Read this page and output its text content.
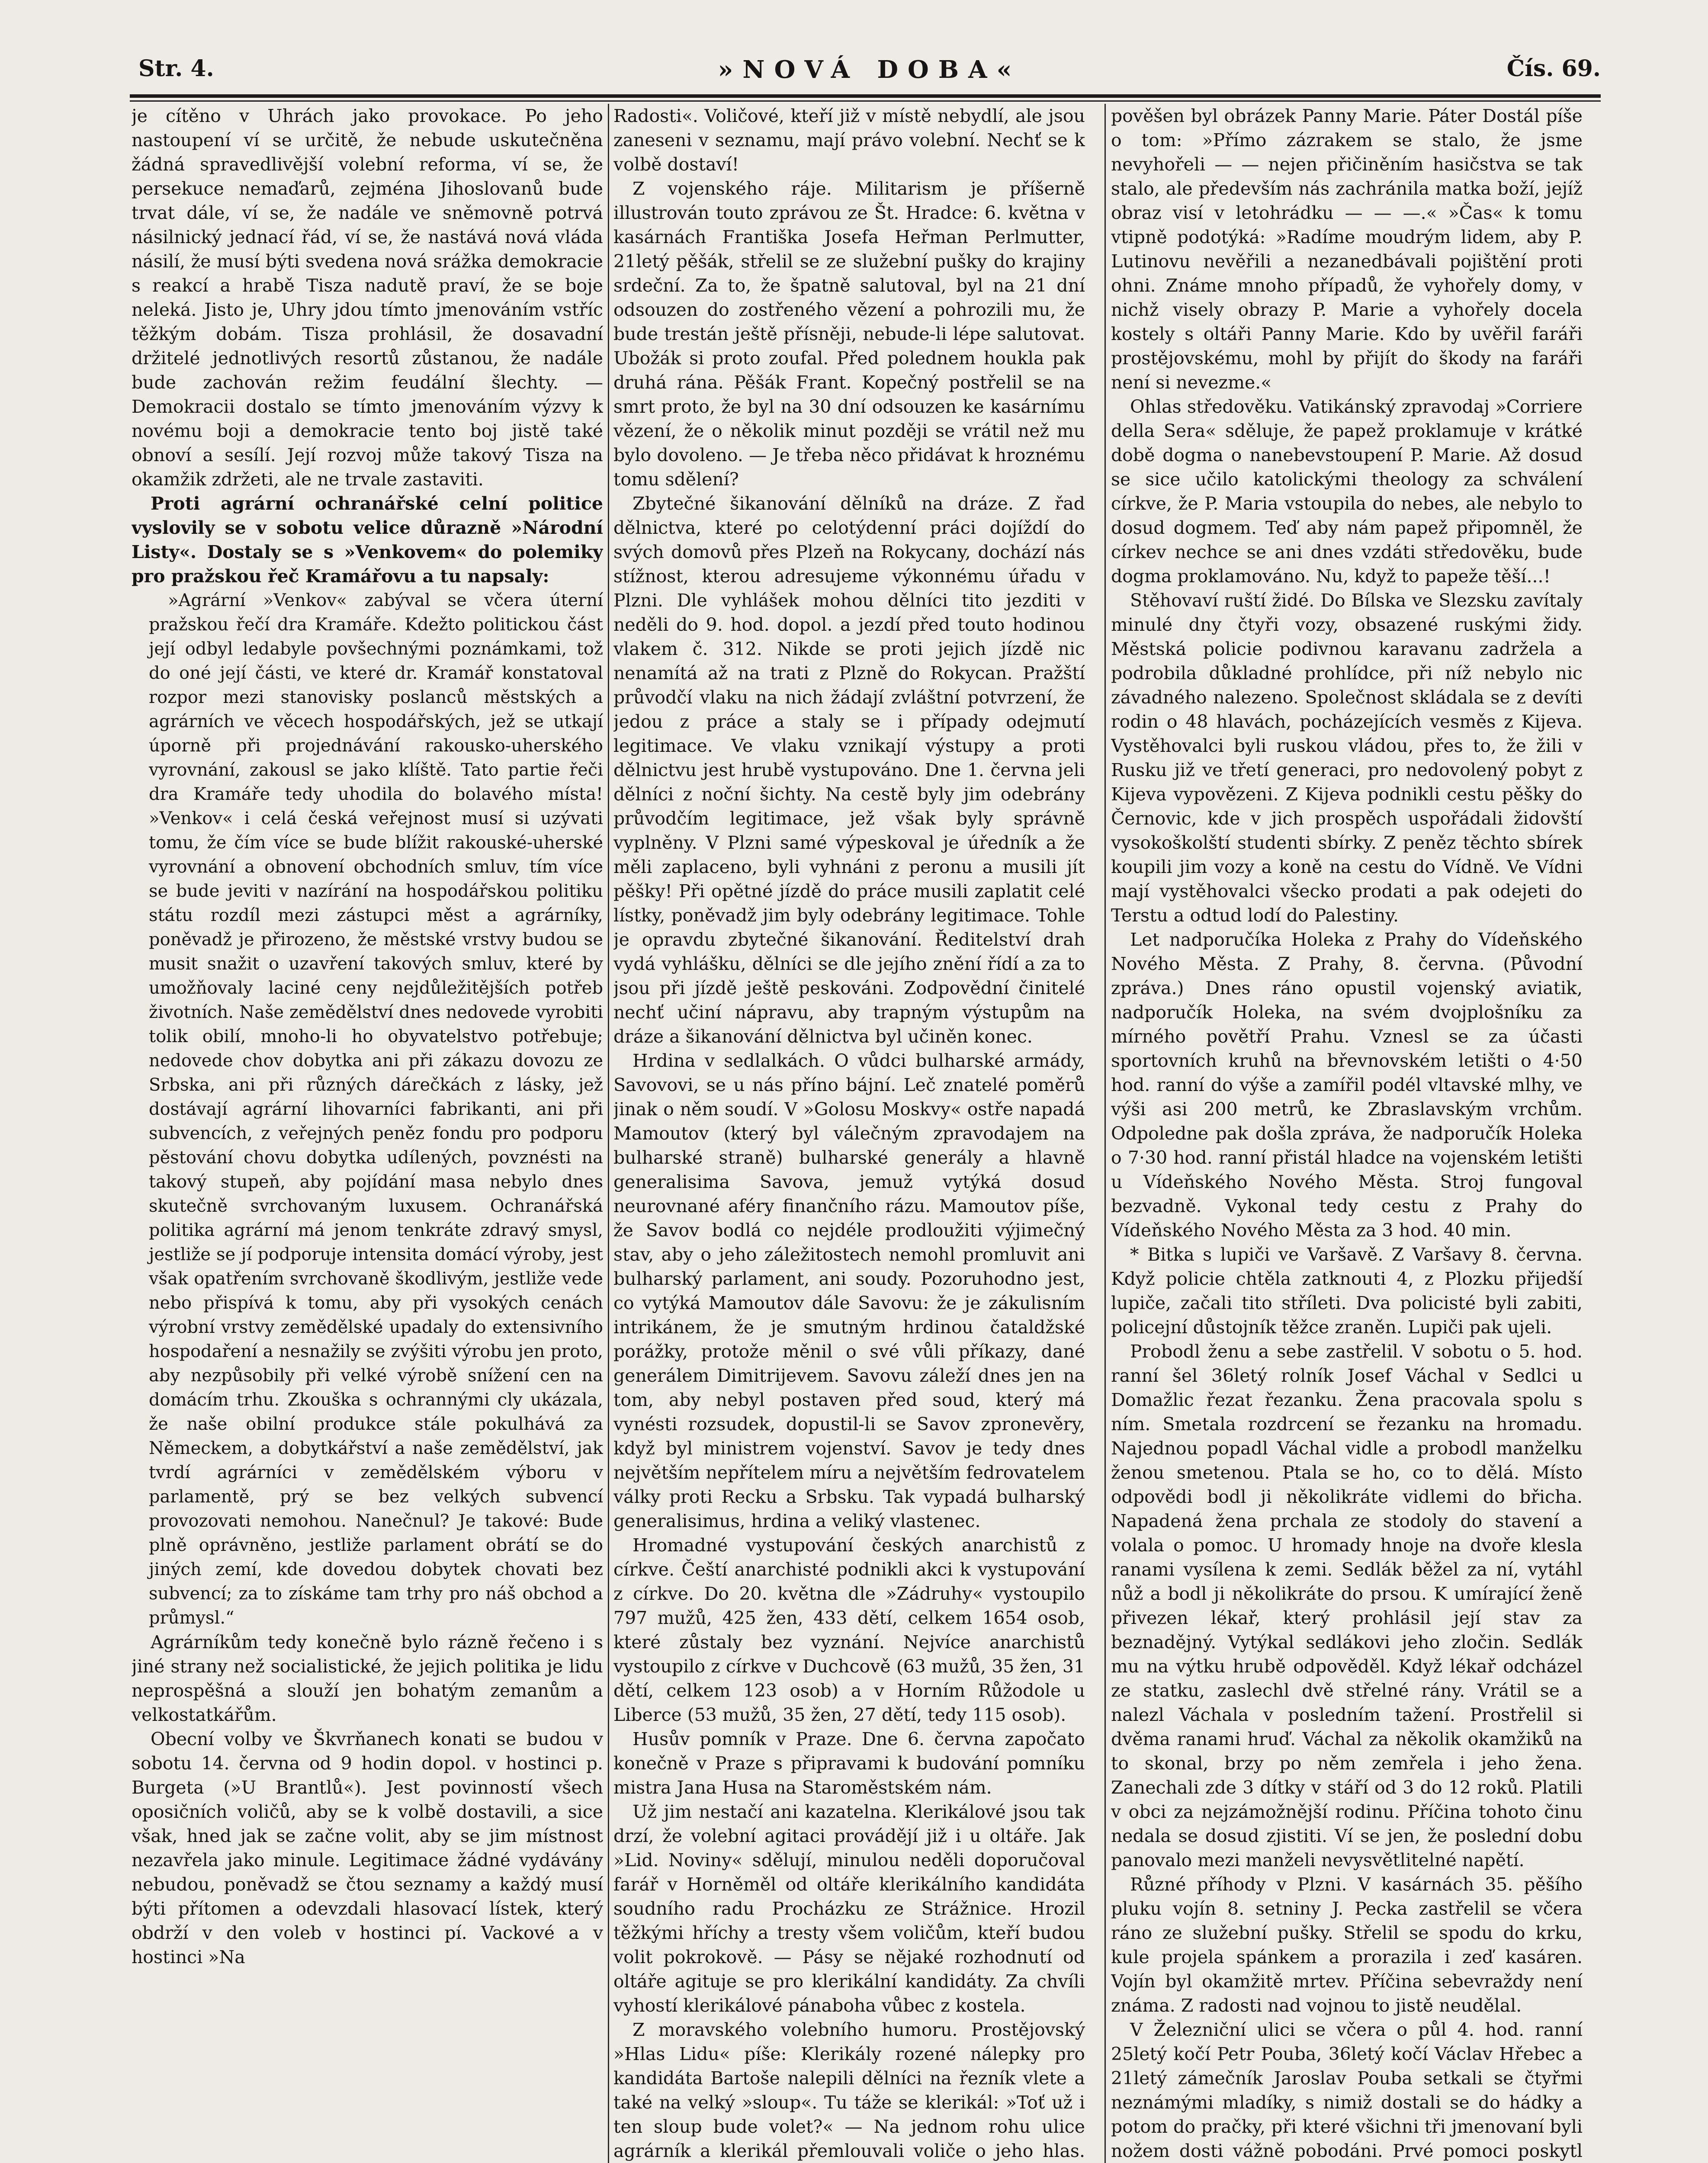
Str. 4.	»NOVÁ DOBA«	Čís. 69.

je cítěno v Uhrách jako provokace. Po jeho nastoupení ví se určitě, že nebude uskutečněna žádná spravedlivější volební reforma, ví se, že persekuce nemaďarů, zejména Jihoslovanů bude trvat dále, ví se, že nadále ve sněmovně potrvá násilnický jednací řád, ví se, že nastává nová vláda násilí, že musí býti svedena nová srážka demokracie s reakcí a hrabě Tisza nadutě praví, že se boje neleká. Jisto je, Uhry jdou tímto jmenováním vstříc těžkým dobám. Tisza prohlásil, že dosavadní držitelé jednotlivých resortů zůstanou, že nadále bude zachován režim feudální šlechty. — Demokracii dostalo se tímto jmenováním výzvy k novému boji a demokracie tento boj jistě také obnoví a sesílí. Její rozvoj může takový Tisza na okamžik zdržeti, ale ne trvale zastaviti.

Proti agrární ochranářské celní politice vyslovily se v sobotu velice důrazně »Národní Listy«. Dostaly se s »Venkovem« do polemiky pro pražskou řeč Kramářovu a tu napsaly:

»Agrární »Venkov« zabýval se včera úterní pražskou řečí dra Kramáře. Kdežto politickou část její odbyl ledabyle povšechnými poznámkami, tož do oné její části, ve které dr. Kramář konstatoval rozpor mezi stanovisky poslanců městských a agrárních ve věcech hospodářských, jež se utkají úporně při projednávání rakousko-uherského vyrovnání, zakousl se jako klíště. Tato partie řeči dra Kramáře tedy uhodila do bolavého místa! »Venkov« i celá česká veřejnost musí si uzývati tomu, že čím více se bude blížit rakouské-uherské vyrovnání a obnovení obchodních smluv, tím více se bude jeviti v nazírání na hospodářskou politiku státu rozdíl mezi zástupci měst a agrárníky, poněvadž je přirozeno, že městské vrstvy budou se musit snažit o uzavření takových smluv, které by umožňovaly laciné ceny nejdůležitějších potřeb životních. Naše zemědělství dnes nedovede vyrobiti tolik obilí, mnoho-li ho obyvatelstvo potřebuje; nedovede chov dobytka ani při zákazu dovozu ze Srbska, ani při různých dárečkách z lásky, jež dostávají agrární lihovarníci fabrikanti, ani při subvencích, z veřejných peněz fondu pro podporu pěstování chovu dobytka udílených, povznésti na takový stupeň, aby pojídání masa nebylo dnes skutečně svrchovaným luxusem. Ochranářská politika agrární má jenom tenkráte zdravý smysl, jestliže se jí podporuje intensita domácí výroby, jest však opatřením svrchovaně škodlivým, jestliže vede nebo přispívá k tomu, aby při vysokých cenách výrobní vrstvy zemědělské upadaly do extensivního hospodaření a nesnažily se zvýšiti výrobu jen proto, aby nezpůsobily při velké výrobě snížení cen na domácím trhu. Zkouška s ochrannými cly ukázala, že naše obilní produkce stále pokulhává za Německem, a dobytkářství a naše zemědělství, jak tvrdí agrárníci v zemědělském výboru v parlamentě, prý se bez velkých subvencí provozovati nemohou. Nanečnul? Je takové: Bude plně oprávněno, jestliže parlament obrátí se do jiných zemí, kde dovedou dobytek chovati bez subvencí; za to získáme tam trhy pro náš obchod a průmysl.“

Agrárníkům tedy konečně bylo rázně řečeno i s jiné strany než socialistické, že jejich politika je lidu neprospěšná a slouží jen bohatým zemanům a velkostatkářům.

Obecní volby ve Škvrňanech konati se budou v sobotu 14. června od 9 hodin dopol. v hostinci p. Burgeta (»U Brantlů«). Jest povinností všech oposičních voličů, aby se k volbě dostavili, a sice však, hned jak se začne volit, aby se jim místnost nezavřela jako minule. Legitimace žádné vydávány nebudou, poněvadž se čtou seznamy a každý musí býti přítomen a odevzdali hlasovací lístek, který obdrží v den voleb v hostinci pí. Vackové a v hostinci »Na

Radosti«. Voličové, kteří již v místě nebydlí, ale jsou zaneseni v seznamu, mají právo volební. Nechť se k volbě dostaví!

Z vojenského ráje. Militarism je příšerně illustrován touto zprávou ze Št. Hradce: 6. května v kasárnách Františka Josefa Heřman Perlmutter, 21letý pěšák, střelil se ze služební pušky do krajiny srdeční. Za to, že špatně salutoval, byl na 21 dní odsouzen do zostřeného vězení a pohrozili mu, že bude trestán ještě přísněji, nebude-li lépe salutovat. Ubožák si proto zoufal. Před polednem houkla pak druhá rána. Pěšák Frant. Kopečný postřelil se na smrt proto, že byl na 30 dní odsouzen ke kasárnímu vězení, že o několik minut později se vrátil než mu bylo dovoleno. — Je třeba něco přidávat k hroznému tomu sdělení?

Zbytečné šikanování dělníků na dráze. Z řad dělnictva, které po celotýdenní práci dojíždí do svých domovů přes Plzeň na Rokycany, dochází nás stížnost, kterou adresujeme výkonnému úřadu v Plzni. Dle vyhlášek mohou dělníci tito jezditi v neděli do 9. hod. dopol. a jezdí před touto hodinou vlakem č. 312. Nikde se proti jejich jízdě nic nenamítá až na trati z Plzně do Rokycan. Pražští průvodčí vlaku na nich žádají zvláštní potvrzení, že jedou z práce a staly se i případy odejmutí legitimace. Ve vlaku vznikají výstupy a proti dělnictvu jest hrubě vystupováno. Dne 1. června jeli dělníci z noční šichty. Na cestě byly jim odebrány průvodčím legitimace, jež však byly správně vyplněny. V Plzni samé výpeskoval je úředník a že měli zaplaceno, byli vyhnáni z peronu a musili jít pěšky! Při opětné jízdě do práce musili zaplatit celé lístky, poněvadž jim byly odebrány legitimace. Tohle je opravdu zbytečné šikanování. Ředitelství drah vydá vyhlášku, dělníci se dle jejího znění řídí a za to jsou při jízdě ještě peskováni. Zodpovědní činitelé nechť učiní nápravu, aby trapným výstupům na dráze a šikanování dělnictva byl učiněn konec.

Hrdina v sedlalkách. O vůdci bulharské armády, Savovovi, se u nás příno bájní. Leč znatelé poměrů jinak o něm soudí. V »Golosu Moskvy« ostře napadá Mamoutov (který byl válečným zpravodajem na bulharské straně) bulharské generály a hlavně generalisima Savova, jemuž vytýká dosud neurovnané aféry finančního rázu. Mamoutov píše, že Savov bodlá co nejdéle prodloužiti výjimečný stav, aby o jeho záležitostech nemohl promluvit ani bulharský parlament, ani soudy. Pozoruhodno jest, co vytýká Mamoutov dále Savovu: že je zákulisním intrikánem, že je smutným hrdinou čataldžské porážky, protože měnil o své vůli příkazy, dané generálem Dimitrijevem. Savovu záleží dnes jen na tom, aby nebyl postaven před soud, který má vynésti rozsudek, dopustil-li se Savov zpronevěry, když byl ministrem vojenství. Savov je tedy dnes největším nepřítelem míru a největším fedrovatelem války proti Recku a Srbsku. Tak vypadá bulharský generalisimus, hrdina a veliký vlastenec.

Hromadné vystupování českých anarchistů z církve. Čeští anarchisté podnikli akci k vystupování z církve. Do 20. května dle »Zádruhy« vystoupilo 797 mužů, 425 žen, 433 dětí, celkem 1654 osob, které zůstaly bez vyznání. Nejvíce anarchistů vystoupilo z církve v Duchcově (63 mužů, 35 žen, 31 dětí, celkem 123 osob) a v Horním Růžodole u Liberce (53 mužů, 35 žen, 27 dětí, tedy 115 osob).

Husův pomník v Praze. Dne 6. června započato konečně v Praze s připravami k budování pomníku mistra Jana Husa na Staroměstském nám.

Už jim nestačí ani kazatelna. Klerikálové jsou tak drzí, že volební agitaci provádějí již i u oltáře. Jak »Lid. Noviny« sdělují, minulou neděli doporučoval farář v Horněměl od oltáře klerikálního kandidáta soudního radu Procházku ze Strážnice. Hrozil těžkými hříchy a tresty všem voličům, kteří budou volit pokrokově. — Pásy se nějaké rozhodnutí od oltáře agituje se pro klerikální kandidáty. Za chvíli vyhostí klerikálové pánaboha vůbec z kostela.

Z moravského volebního humoru. Prostějovský »Hlas Lidu« píše: Klerikály rozené nálepky pro kandidáta Bartoše nalepili dělníci na řezník vlete a také na velký »sloup«. Tu táže se klerikál: »Toť už i ten sloup bude volet?« — Na jednom rohu ulice agrárník a klerikál přemlouvali voliče o jeho hlas.

pověšen byl obrázek Panny Marie. Páter Dostál píše o tom: »Přímo zázrakem se stalo, že jsme nevyhořeli — — nejen přičiněním hasičstva se tak stalo, ale především nás zachránila matka boží, jejíž obraz visí v letohrádku — — —.« »Čas« k tomu vtipně podotýká: »Radíme moudrým lidem, aby P. Lutinovu nevěřili a nezanedbávali pojištění proti ohni. Známe mnoho případů, že vyhořely domy, v nichž visely obrazy P. Marie a vyhořely docela kostely s oltáři Panny Marie. Kdo by uvěřil faráři prostějovskému, mohl by přijít do škody na faráři není si nevezme.«

Ohlas středověku. Vatikánský zpravodaj »Corriere della Sera« sděluje, že papež proklamuje v krátké době dogma o nanebevstoupení P. Marie. Až dosud se sice učilo katolickými theology za schválení církve, že P. Maria vstoupila do nebes, ale nebylo to dosud dogmem. Teď aby nám papež připomněl, že církev nechce se ani dnes vzdáti středověku, bude dogma proklamováno. Nu, když to papeže těší...!

Stěhovaví ruští židé. Do Bílska ve Slezsku zavítaly minulé dny čtyři vozy, obsazené ruskými židy. Městská policie podivnou karavanu zadržela a podrobila důkladné prohlídce, při níž nebylo nic závadného nalezeno. Společnost skládala se z devíti rodin o 48 hlavách, pocházejících vesměs z Kijeva. Vystěhovalci byli ruskou vládou, přes to, že žili v Rusku již ve třetí generaci, pro nedovolený pobyt z Kijeva vypovězeni. Z Kijeva podnikli cestu pěšky do Černovic, kde v jich prospěch uspořádali židovští vysokoškolští studenti sbírky. Z peněz těchto sbírek koupili jim vozy a koně na cestu do Vídně. Ve Vídni mají vystěhovalci všecko prodati a pak odejeti do Terstu a odtud lodí do Palestiny.

Let nadporučíka Holeka z Prahy do Vídeňského Nového Města. Z Prahy, 8. června. (Původní zpráva.) Dnes ráno opustil vojenský aviatik, nadporučík Holeka, na svém dvojplošníku za mírného povětří Prahu. Vznesl se za účasti sportovních kruhů na břevnovském letišti o 4·50 hod. ranní do výše a zamířil podél vltavské mlhy, ve výši asi 200 metrů, ke Zbraslavským vrchům. Odpoledne pak došla zpráva, že nadporučík Holeka o 7·30 hod. ranní přistál hladce na vojenském letišti u Vídeňského Nového Města. Stroj fungoval bezvadně. Vykonal tedy cestu z Prahy do Vídeňského Nového Města za 3 hod. 40 min.

* Bitka s lupiči ve Varšavě. Z Varšavy 8. června. Když policie chtěla zatknouti 4, z Plozku přijedší lupiče, začali tito stříleti. Dva policisté byli zabiti, policejní důstojník těžce zraněn. Lupiči pak ujeli.

Probodl ženu a sebe zastřelil. V sobotu o 5. hod. ranní šel 36letý rolník Josef Váchal v Sedlci u Domažlic řezat řezanku. Žena pracovala spolu s ním. Smetala rozdrcení se řezanku na hromadu. Najednou popadl Váchal vidle a probodl manželku ženou smetenou. Ptala se ho, co to dělá. Místo odpovědi bodl ji několikráte vidlemi do břicha. Napadená žena prchala ze stodoly do stavení a volala o pomoc. U hromady hnoje na dvoře klesla ranami vysílena k zemi. Sedlák běžel za ní, vytáhl nůž a bodl ji několikráte do prsou. K umírající ženě přivezen lékař, který prohlásil její stav za beznadějný. Vytýkal sedlákovi jeho zločin. Sedlák mu na výtku hrubě odpověděl. Když lékař odcházel ze statku, zaslechl dvě střelné rány. Vrátil se a nalezl Váchala v posledním tažení. Prostřelil si dvěma ranami hruď. Váchal za několik okamžiků na to skonal, brzy po něm zemřela i jeho žena. Zanechali zde 3 dítky v stáří od 3 do 12 roků. Platili v obci za nejzámožnější rodinu. Příčina tohoto činu nedala se dosud zjistiti. Ví se jen, že poslední dobu panovalo mezi manželi nevysvětlitelné napětí.

Různé příhody v Plzni. V kasárnách 35. pěšího pluku vojín 8. setniny J. Pecka zastřelil se včera ráno ze služební pušky. Střelil se spodu do krku, kule projela spánkem a prorazila i zeď kasáren. Vojín byl okamžitě mrtev. Příčina sebevraždy není známa. Z radosti nad vojnou to jistě neudělal.

V Železniční ulici se včera o půl 4. hod. ranní 25letý kočí Petr Pouba, 36letý kočí Václav Hřebec a 21letý zámečník Jaroslav Pouba setkali se čtyřmi neznámými mladíky, s nimiž dostali se do hádky a potom do pračky, při které všichni tři jmenovaní byli nožem dosti vážně pobodáni. Prvé pomoci poskytl
